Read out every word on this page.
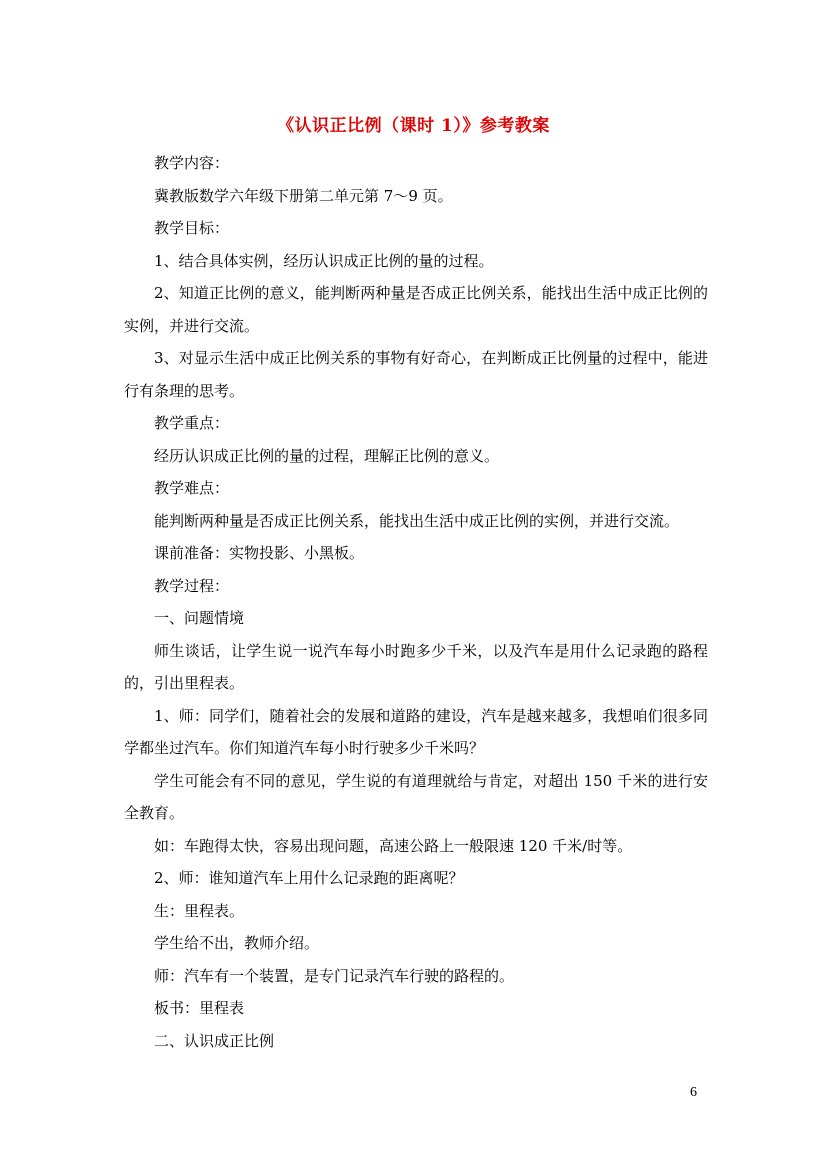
《认识正比例（课时 1）》参考教案

教学内容：

冀教版数学六年级下册第二单元第 7～9 页。

教学目标：

1、结合具体实例，经历认识成正比例的量的过程。

2、知道正比例的意义，能判断两种量是否成正比例关系，能找出生活中成正比例的实例，并进行交流。

3、对显示生活中成正比例关系的事物有好奇心，在判断成正比例量的过程中，能进行有条理的思考。

教学重点：

经历认识成正比例的量的过程，理解正比例的意义。

教学难点：

能判断两种量是否成正比例关系，能找出生活中成正比例的实例，并进行交流。

课前准备：实物投影、小黑板。

教学过程：

一、问题情境

师生谈话，让学生说一说汽车每小时跑多少千米，以及汽车是用什么记录跑的路程的，引出里程表。

1、师：同学们，随着社会的发展和道路的建设，汽车是越来越多，我想咱们很多同学都坐过汽车。你们知道汽车每小时行驶多少千米吗？

学生可能会有不同的意见，学生说的有道理就给与肯定，对超出 150 千米的进行安全教育。

如：车跑得太快，容易出现问题，高速公路上一般限速 120 千米/时等。

2、师：谁知道汽车上用什么记录跑的距离呢？

生：里程表。

学生给不出，教师介绍。

师：汽车有一个装置，是专门记录汽车行驶的路程的。

板书：里程表

二、认识成正比例

6
